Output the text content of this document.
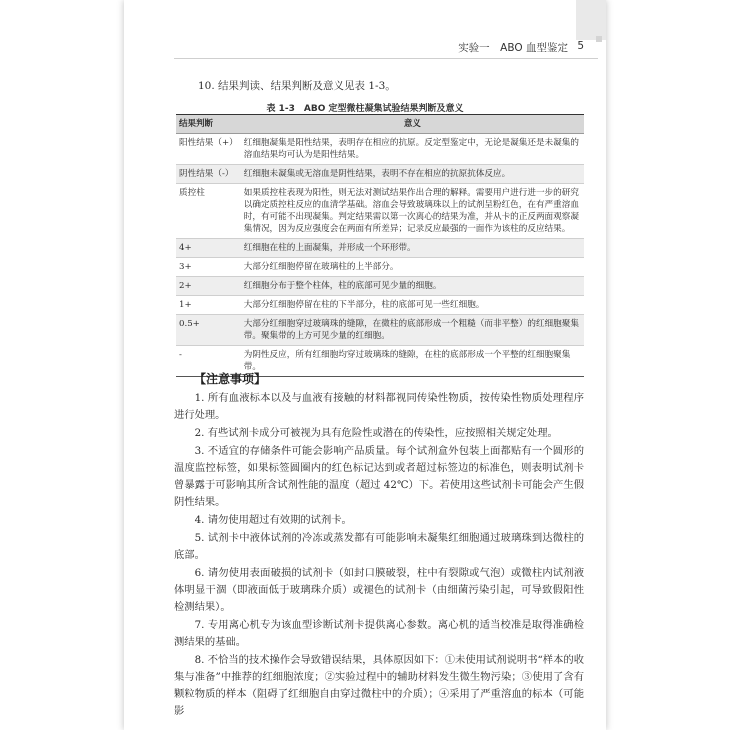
实验一　ABO 血型鉴定 5
10. 结果判读、结果判断及意义见表 1-3。
表 1-3　ABO 定型微柱凝集试验结果判断及意义
结果判断	意义
阳性结果（+）	红细胞凝集是阳性结果，表明存在相应的抗原。反定型鉴定中，无论是凝集还是未凝集的溶血结果均可认为是阳性结果。
阴性结果（-）	红细胞未凝集或无溶血是阴性结果，表明不存在相应的抗原抗体反应。
质控柱	如果质控柱表现为阳性，则无法对测试结果作出合理的解释。需要用户进行进一步的研究以确定质控柱反应的血清学基础。溶血会导致玻璃珠以上的试剂呈粉红色，在有严重溶血时，有可能不出现凝集。判定结果需以第一次离心的结果为准，并从卡的正反两面观察凝集情况，因为反应强度会在两面有所差异；记录反应最强的一面作为该柱的反应结果。
4+	红细胞在柱的上面凝集，并形成一个环形带。
3+	大部分红细胞停留在玻璃柱的上半部分。
2+	红细胞分布于整个柱体，柱的底部可见少量的细胞。
1+	大部分红细胞停留在柱的下半部分，柱的底部可见一些红细胞。
0.5+	大部分红细胞穿过玻璃珠的缝隙，在微柱的底部形成一个粗糙（而非平整）的红细胞聚集带。聚集带的上方可见少量的红细胞。
-	为阴性反应，所有红细胞均穿过玻璃珠的缝隙，在柱的底部形成一个平整的红细胞聚集带。
【注意事项】

1. 所有血液标本以及与血液有接触的材料都视同传染性物质，按传染性物质处理程序进行处理。

2. 有些试剂卡成分可被视为具有危险性或潜在的传染性，应按照相关规定处理。

3. 不适宜的存储条件可能会影响产品质量。每个试剂盒外包装上面都贴有一个圆形的温度监控标签，如果标签圆圈内的红色标记达到或者超过标签边的标准色，则表明试剂卡曾暴露于可影响其所含试剂性能的温度（超过 42℃）下。若使用这些试剂卡可能会产生假阴性结果。

4. 请勿使用超过有效期的试剂卡。

5. 试剂卡中液体试剂的冷冻或蒸发都有可能影响未凝集红细胞通过玻璃珠到达微柱的底部。

6. 请勿使用表面破损的试剂卡（如封口膜破裂，柱中有裂隙或气泡）或微柱内试剂液体明显干涸（即液面低于玻璃珠介质）或褪色的试剂卡（由细菌污染引起，可导致假阳性检测结果）。

7. 专用离心机专为该血型诊断试剂卡提供离心参数。离心机的适当校准是取得准确检测结果的基础。

8. 不恰当的技术操作会导致错误结果，具体原因如下：①未使用试剂说明书“样本的收集与准备”中推荐的红细胞浓度；②实验过程中的辅助材料发生微生物污染；③使用了含有颗粒物质的样本（阻碍了红细胞自由穿过微柱中的介质）；④采用了严重溶血的标本（可能影
